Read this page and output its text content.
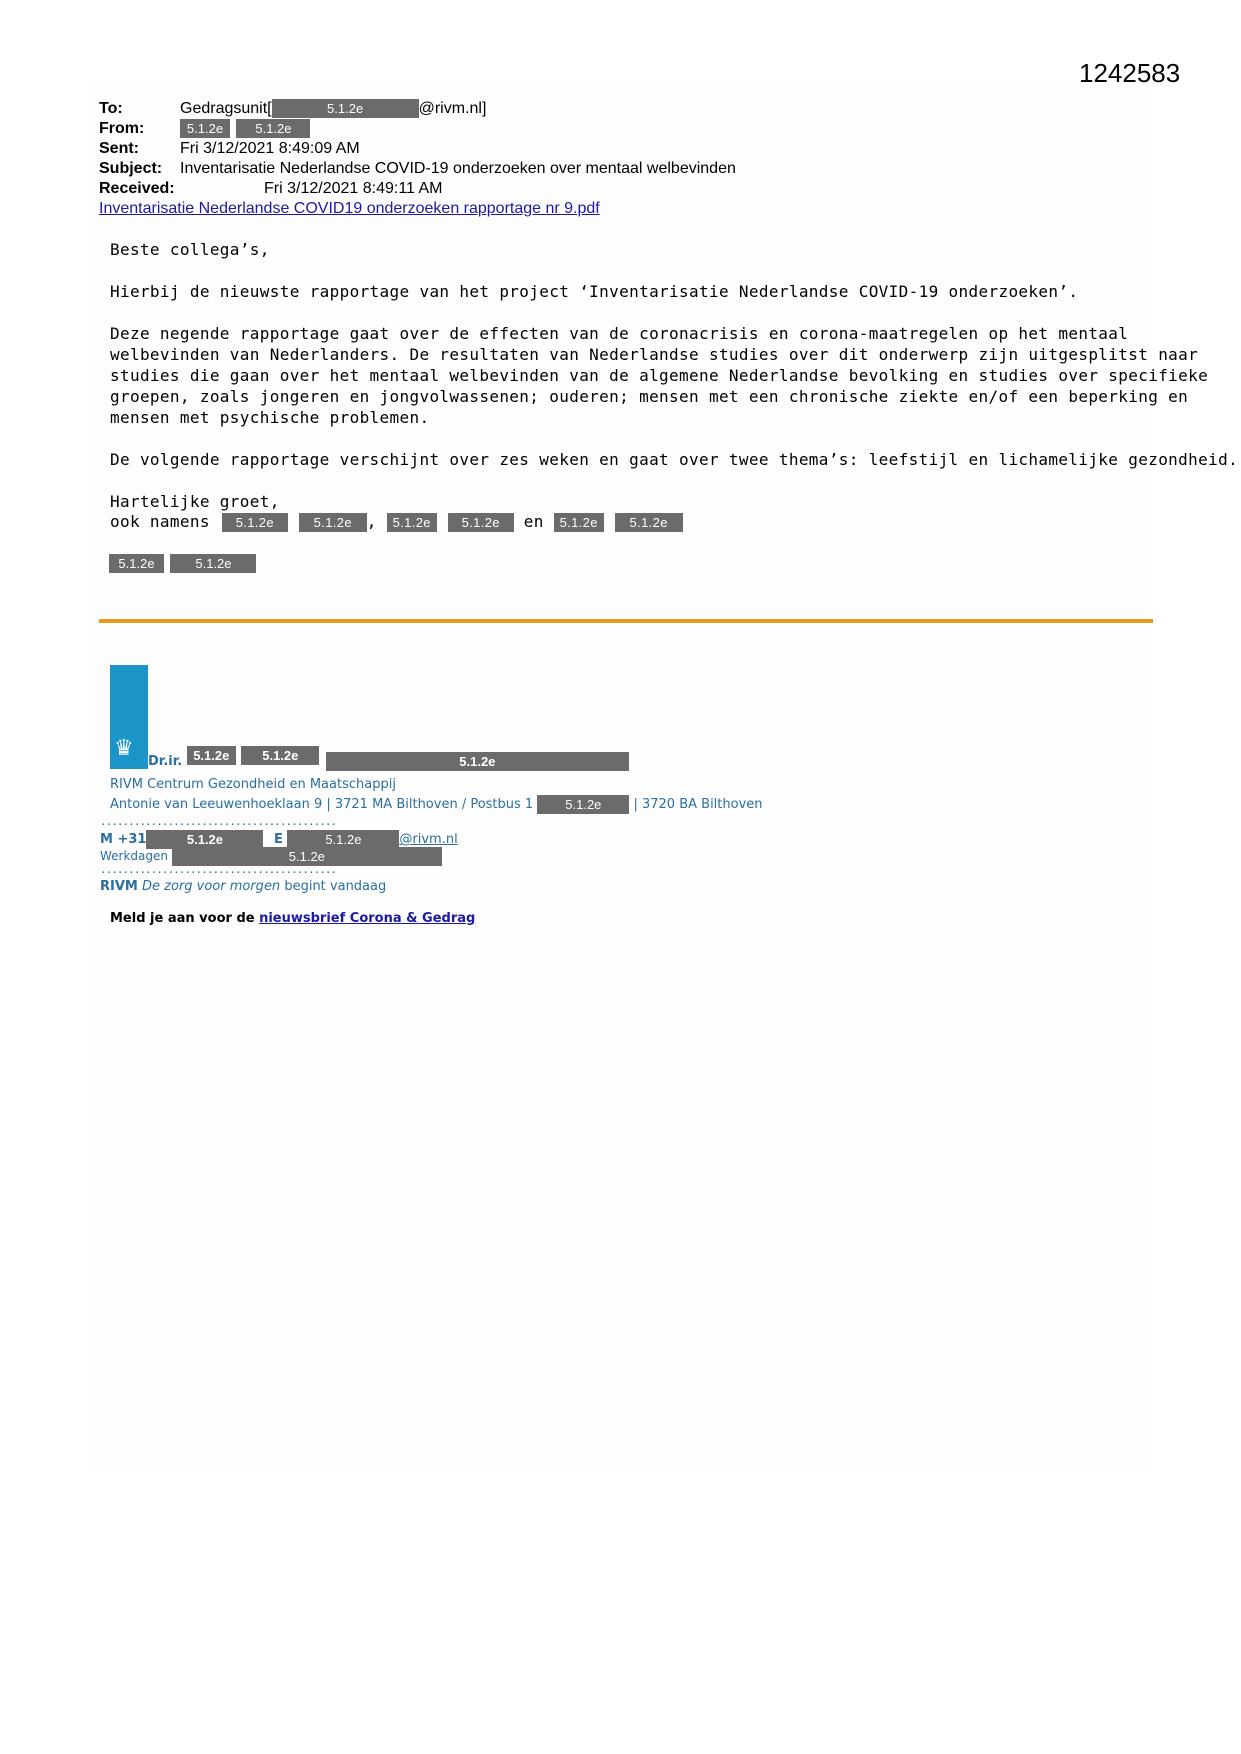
1242583
To:	Gedragsunit[	5.1.2e	@rivm.nl]
From:	5.1.2e 5.1.2e
Sent:	Fri 3/12/2021 8:49:09 AM
Subject: Inventarisatie Nederlandse COVID-19 onderzoeken over mentaal welbevinden
Received:	Fri 3/12/2021 8:49:11 AM
Inventarisatie Nederlandse COVID19 onderzoeken rapportage nr 9.pdf
Beste collega’s,
Hierbij de nieuwste rapportage van het project ‘Inventarisatie Nederlandse COVID-19 onderzoeken’.
Deze negende rapportage gaat over de effecten van de coronacrisis en corona-maatregelen op het mentaal
welbevinden van Nederlanders. De resultaten van Nederlandse studies over dit onderwerp zijn uitgesplitst naar
studies die gaan over het mentaal welbevinden van de algemene Nederlandse bevolking en studies over specifieke
groepen, zoals jongeren en jongvolwassenen; ouderen; mensen met een chronische ziekte en/of een beperking en
mensen met psychische problemen.
De volgende rapportage verschijnt over zes weken en gaat over twee thema’s: leefstijl en lichamelijke gezondheid.
Hartelijke groet,
ook namens 5.1.2e	5.1.2e , 5.1.2e 5.1.2e en 5.1.2e 5.1.2e
5.1.2e	5.1.2e
♛
Dr.ir. 5.1.2e	5.1.2e	5.1.2e
RIVM Centrum Gezondheid en Maatschappij
Antonie van Leeuwenhoeklaan 9 | 3721 MA Bilthoven / Postbus 1 5.1.2e | 3720 BA Bilthoven
..........................................
M +31	5.1.2e	E	5.1.2e	@rivm.nl
Werkdagen	5.1.2e
..........................................
RIVM De zorg voor morgen begint vandaag
Meld je aan voor de nieuwsbrief Corona & Gedrag
